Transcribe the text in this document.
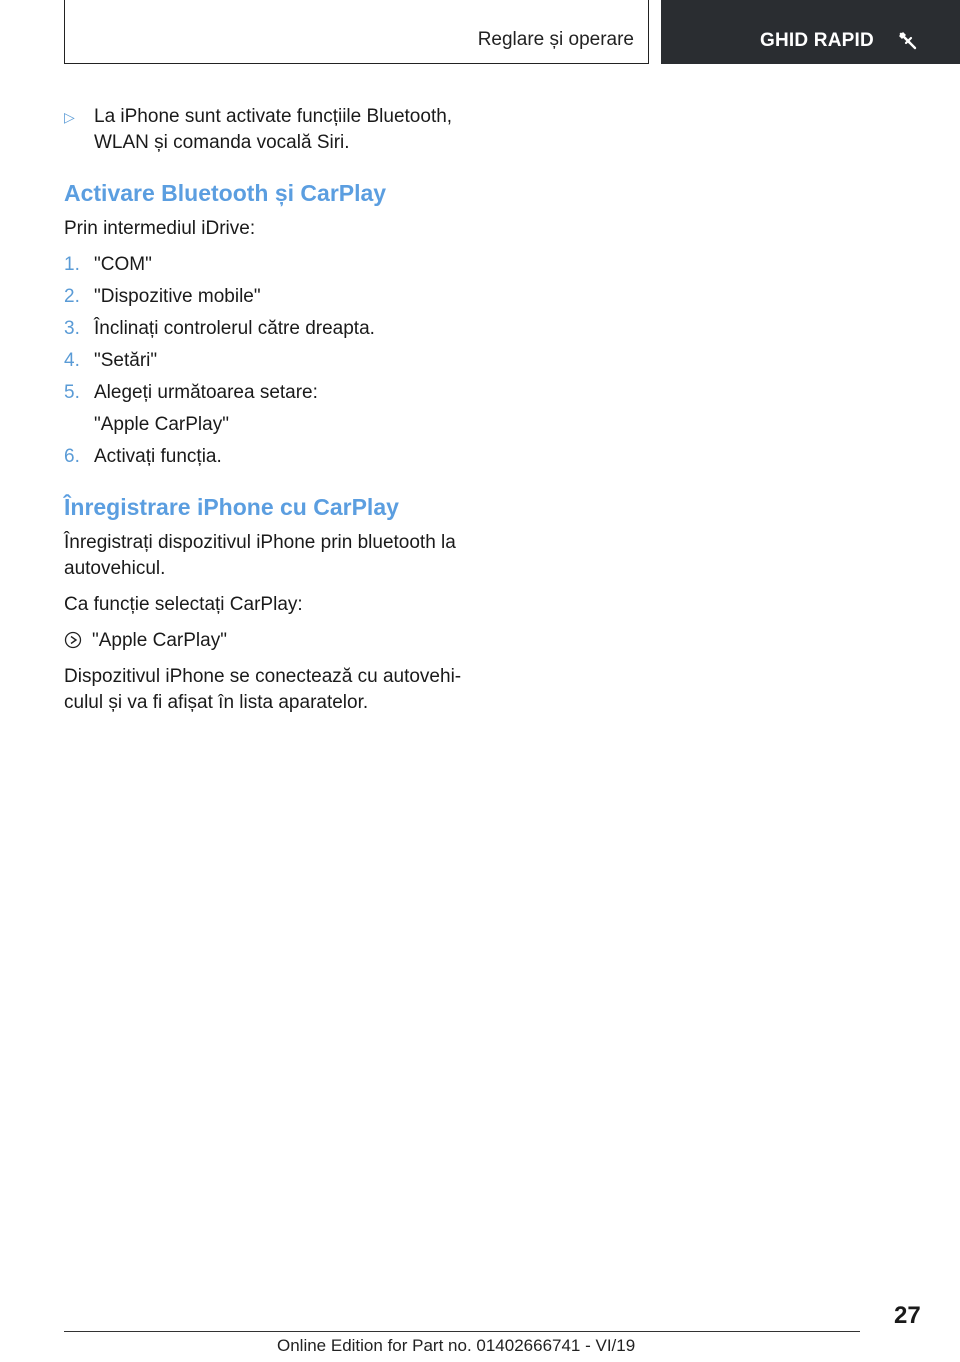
Reglare și operare	GHID RAPID
▷ La iPhone sunt activate funcțiile Bluetooth, WLAN și comanda vocală Siri.
Activare Bluetooth și CarPlay
Prin intermediul iDrive:
1. "COM"
2. "Dispozitive mobile"
3. Înclinați controlerul către dreapta.
4. "Setări"
5. Alegeți următoarea setare:
"Apple CarPlay"
6. Activați funcția.
Înregistrare iPhone cu CarPlay
Înregistrați dispozitivul iPhone prin bluetooth la autovehicul.
Ca funcție selectați CarPlay:
"Apple CarPlay"
Dispozitivul iPhone se conectează cu autovehi-culul și va fi afișat în lista aparatelor.
27
Online Edition for Part no. 01402666741 - VI/19
